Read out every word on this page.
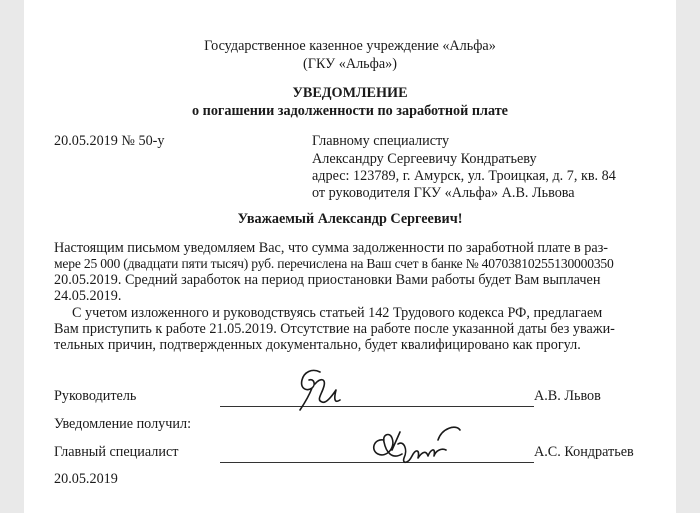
Государственное казенное учреждение «Альфа»
(ГКУ «Альфа»)
УВЕДОМЛЕНИЕ
о погашении задолженности по заработной плате
20.05.2019 № 50-у	Главному специалисту
Александру Сергеевичу Кондратьеву
адрес: 123789, г. Амурск, ул. Троицкая, д. 7, кв. 84
от руководителя ГКУ «Альфа» А.В. Львова
Уважаемый Александр Сергеевич!
Настоящим письмом уведомляем Вас, что сумма задолженности по заработной плате в раз-
мере 25 000 (двадцати пяти тысяч) руб. перечислена на Ваш счет в банке № 40703810255130000350
20.05.2019. Средний заработок на период приостановки Вами работы будет Вам выплачен
24.05.2019.
С учетом изложенного и руководствуясь статьей 142 Трудового кодекса РФ, предлагаем
Вам приступить к работе 21.05.2019. Отсутствие на работе после указанной даты без уважи-
тельных причин, подтвержденных документально, будет квалифицировано как прогул.
Руководитель	А.В. Львов
Уведомление получил:
Главный специалист	А.С. Кондратьев
20.05.2019
